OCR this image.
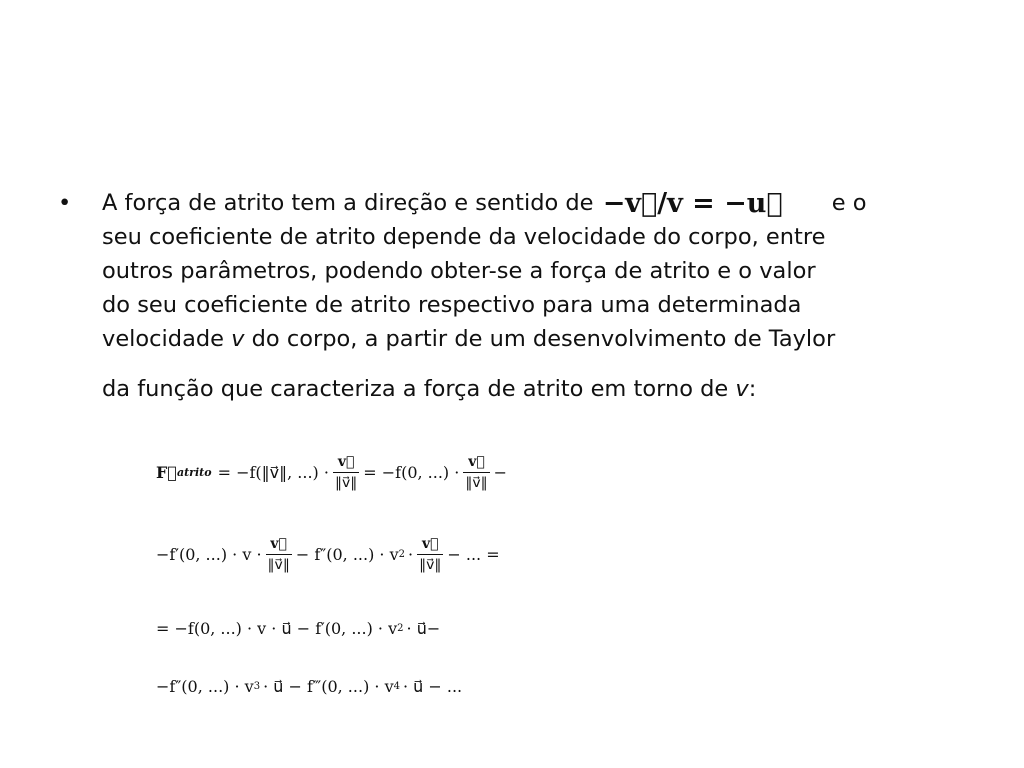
• A força de atrito tem a direção e sentido de −v⃗/v = −u⃗ e o
seu coeficiente de atrito depende da velocidade do corpo, entre
outros parâmetros, podendo obter-se a força de atrito e o valor
do seu coeficiente de atrito respectivo para uma determinada
velocidade v do corpo, a partir de um desenvolvimento de Taylor
da função que caracteriza a força de atrito em torno de v:
F⃗ atrito = −f(‖v⃗‖, ...) · $\frac{v⃗}{‖v⃗‖} = -f(0$, ...) · $\frac{v⃗}{‖v⃗‖}$ −
−f′(0, ...) · $v \cdot \frac{v⃗}{‖v⃗‖} - f''(0$, ...) · v $2 \cdot \frac{v⃗}{‖v⃗‖}$ − ... =
= −f(0, ...) · v · u⃗ − f′(0, ...) · v 2 · u⃗−
−f″(0, ...) · v 3 · u⃗ − f‴(0, ...) · v 4 · u⃗ − ...
